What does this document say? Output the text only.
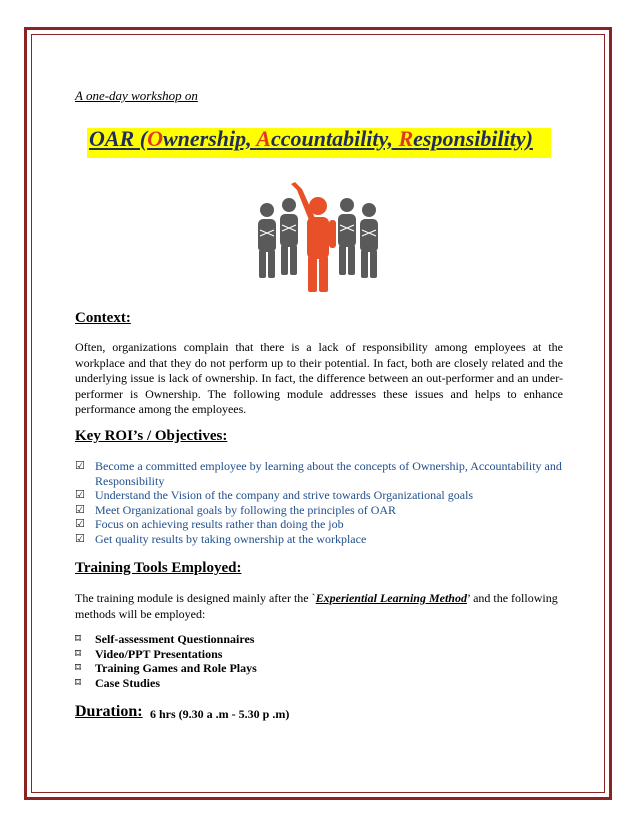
A one-day workshop on
OAR (Ownership, Accountability, Responsibility)
Context:
Often, organizations complain that there is a lack of responsibility among employees at the workplace and that they do not perform up to their potential. In fact, both are closely related and the underlying issue is lack of ownership. In fact, the difference between an out-performer and an under-performer is Ownership. The following module addresses these issues and helps to enhance performance among the employees.
Key ROI’s / Objectives:
☑ Become a committed employee by learning about the concepts of Ownership, Accountability and Responsibility
☑ Understand the Vision of the company and strive towards Organizational goals
☑ Meet Organizational goals by following the principles of OAR
☑ Focus on achieving results rather than doing the job
☑ Get quality results by taking ownership at the workplace
Training Tools Employed:
The training module is designed mainly after the `Experiential Learning Method’ and the following methods will be employed:
⌑ Self-assessment Questionnaires
⌑ Video/PPT Presentations
⌑ Training Games and Role Plays
⌑ Case Studies
Duration: 6 hrs (9.30 a .m - 5.30 p .m)
